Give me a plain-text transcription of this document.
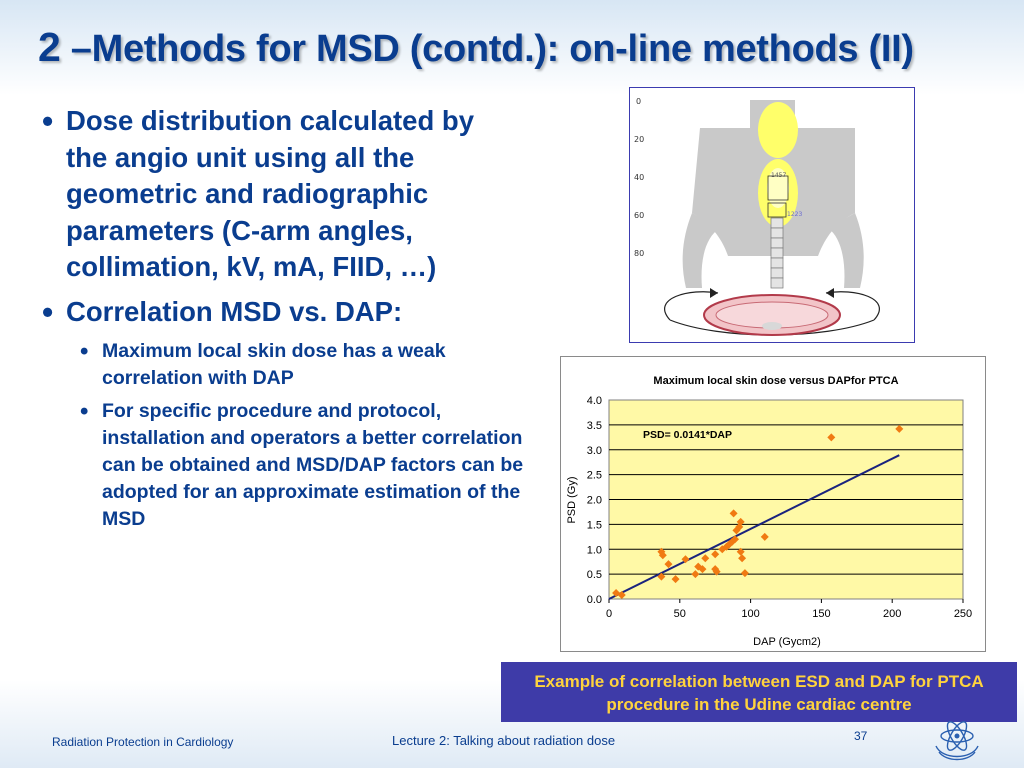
2 –Methods for MSD (contd.): on-line methods (II)
• Dose distribution calculated by the angio unit using all the geometric and radiographic parameters (C-arm angles, collimation, kV, mA, FIID, …)
• Correlation MSD vs. DAP:
• Maximum local skin dose has a weak correlation with DAP
• For specific procedure and protocol, installation and operators a better correlation can be obtained and MSD/DAP factors can be adopted for an approximate estimation of the MSD
0
20
40
60
80
1457
1223
Maximum local skin dose versus DAPfor PTCA
0.0
0.5
1.0
1.5
2.0
2.5
3.0
3.5
4.0
0	50	100	150	200	250
PSD= 0.0141*DAP
DAP (Gycm2)
PSD (Gy)
Example of correlation between ESD and DAP for PTCA procedure in the Udine cardiac centre
Radiation Protection in Cardiology	Lecture 2: Talking about radiation dose	37
